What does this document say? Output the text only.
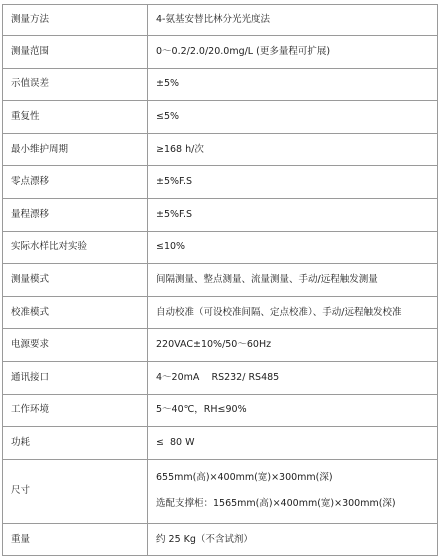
测量方法	4-氨基安替比林分光光度法
测量范围	0～0.2/2.0/20.0mg/L (更多量程可扩展)
示值误差	±5%
重复性	≤5%
最小维护周期	≥168 h/次
零点漂移	±5%F.S
量程漂移	±5%F.S
实际水样比对实验	≤10%
测量模式	间隔测量、整点测量、流量测量、手动/远程触发测量
校准模式	自动校准（可设校准间隔、定点校准）、手动/远程触发校准
电源要求	220VAC±10%/50～60Hz
通讯接口	4～20mA    RS232/ RS485
工作环境	5～40℃，RH≤90%
功耗	≤  80 W
尺寸	655mm(高)×400mm(宽)×300mm(深)
选配支撑柜：1565mm(高)×400mm(宽)×300mm(深)

重量	约 25 Kg（不含试剂）
